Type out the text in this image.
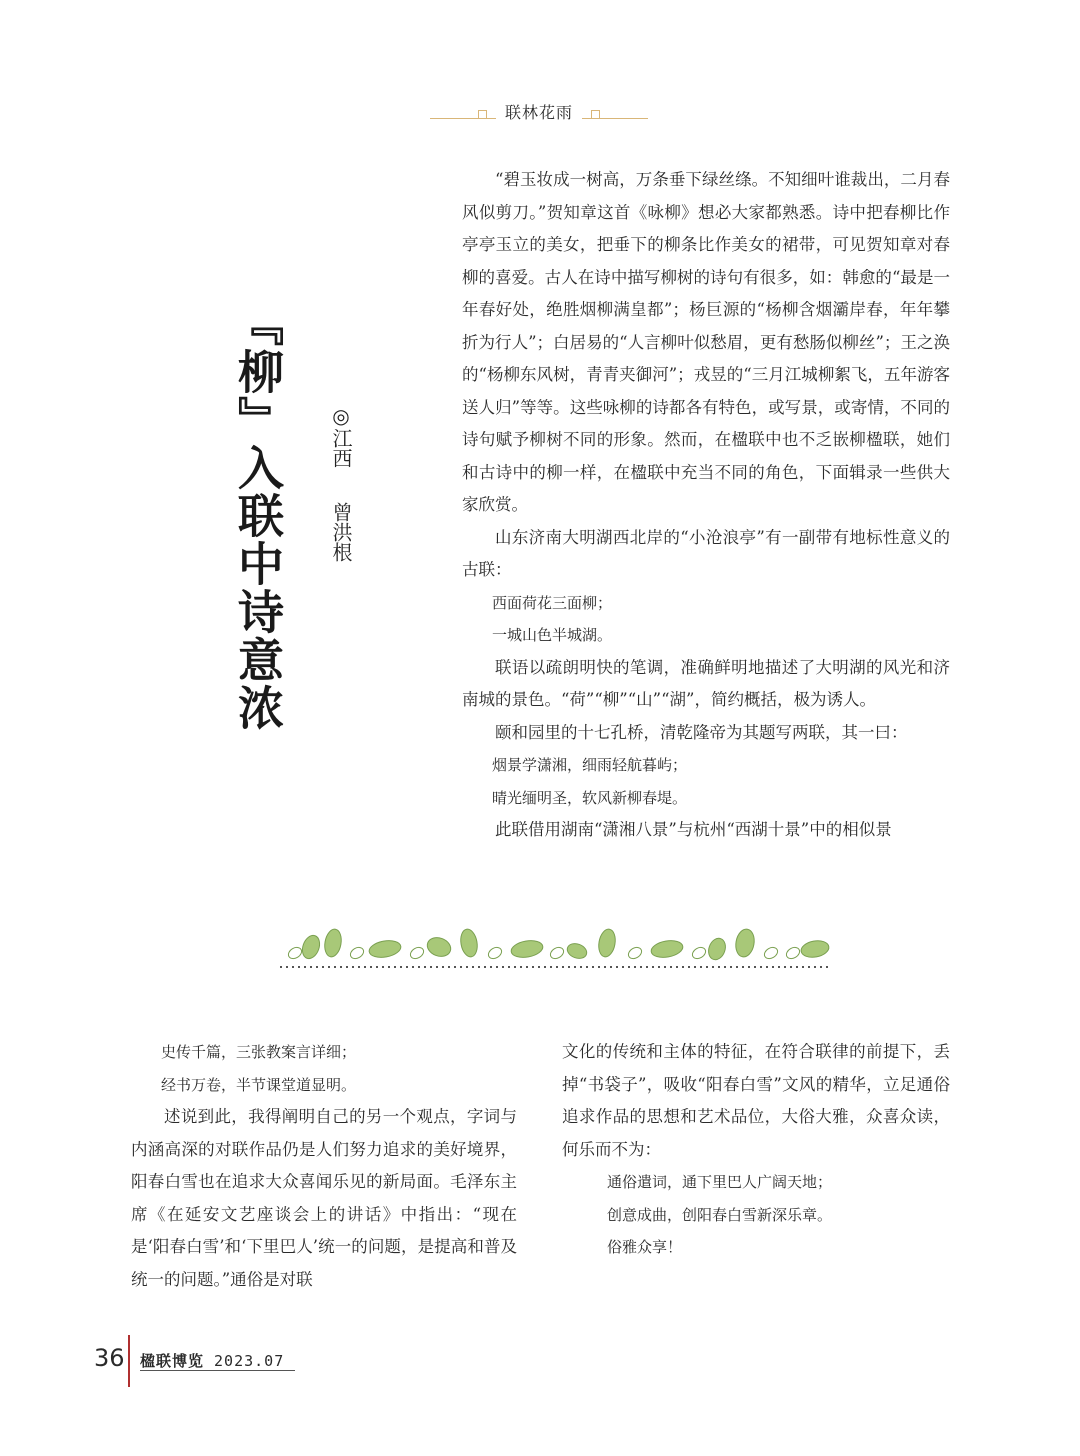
联林花雨
『柳』入联中诗意浓 ◎江西曾洪根

“碧玉妆成一树高，万条垂下绿丝绦。不知细叶谁裁出，二月春风似剪刀。”贺知章这首《咏柳》想必大家都熟悉。诗中把春柳比作亭亭玉立的美女，把垂下的柳条比作美女的裙带，可见贺知章对春柳的喜爱。古人在诗中描写柳树的诗句有很多，如：韩愈的“最是一年春好处，绝胜烟柳满皇都”；杨巨源的“杨柳含烟灞岸春，年年攀折为行人”；白居易的“人言柳叶似愁眉，更有愁肠似柳丝”；王之涣的“杨柳东风树，青青夹御河”；戎昱的“三月江城柳絮飞，五年游客送人归”等等。这些咏柳的诗都各有特色，或写景，或寄情，不同的诗句赋予柳树不同的形象。然而，在楹联中也不乏嵌柳楹联，她们和古诗中的柳一样，在楹联中充当不同的角色，下面辑录一些供大家欣赏。

山东济南大明湖西北岸的“小沧浪亭”有一副带有地标性意义的古联：

西面荷花三面柳；

一城山色半城湖。

联语以疏朗明快的笔调，准确鲜明地描述了大明湖的风光和济南城的景色。“荷”“柳”“山”“湖”，简约概括，极为诱人。

颐和园里的十七孔桥，清乾隆帝为其题写两联，其一曰：

烟景学潇湘，细雨轻航暮屿；

晴光缅明圣，软风新柳春堤。

此联借用湖南“潇湘八景”与杭州“西湖十景”中的相似景

史传千篇，三张教案言详细；

经书万卷，半节课堂道显明。

述说到此，我得阐明自己的另一个观点，字词与内涵高深的对联作品仍是人们努力追求的美好境界，阳春白雪也在追求大众喜闻乐见的新局面。毛泽东主席《在延安文艺座谈会上的讲话》中指出：“现在是‘阳春白雪’和‘下里巴人’统一的问题，是提高和普及统一的问题。”通俗是对联

文化的传统和主体的特征，在符合联律的前提下，丢掉“书袋子”，吸收“阳春白雪”文风的精华，立足通俗追求作品的思想和艺术品位，大俗大雅，众喜众读，何乐而不为：

通俗遣词，通下里巴人广阔天地；

创意成曲，创阳春白雪新深乐章。

俗雅众享！

36 楹联博览 2023.07
